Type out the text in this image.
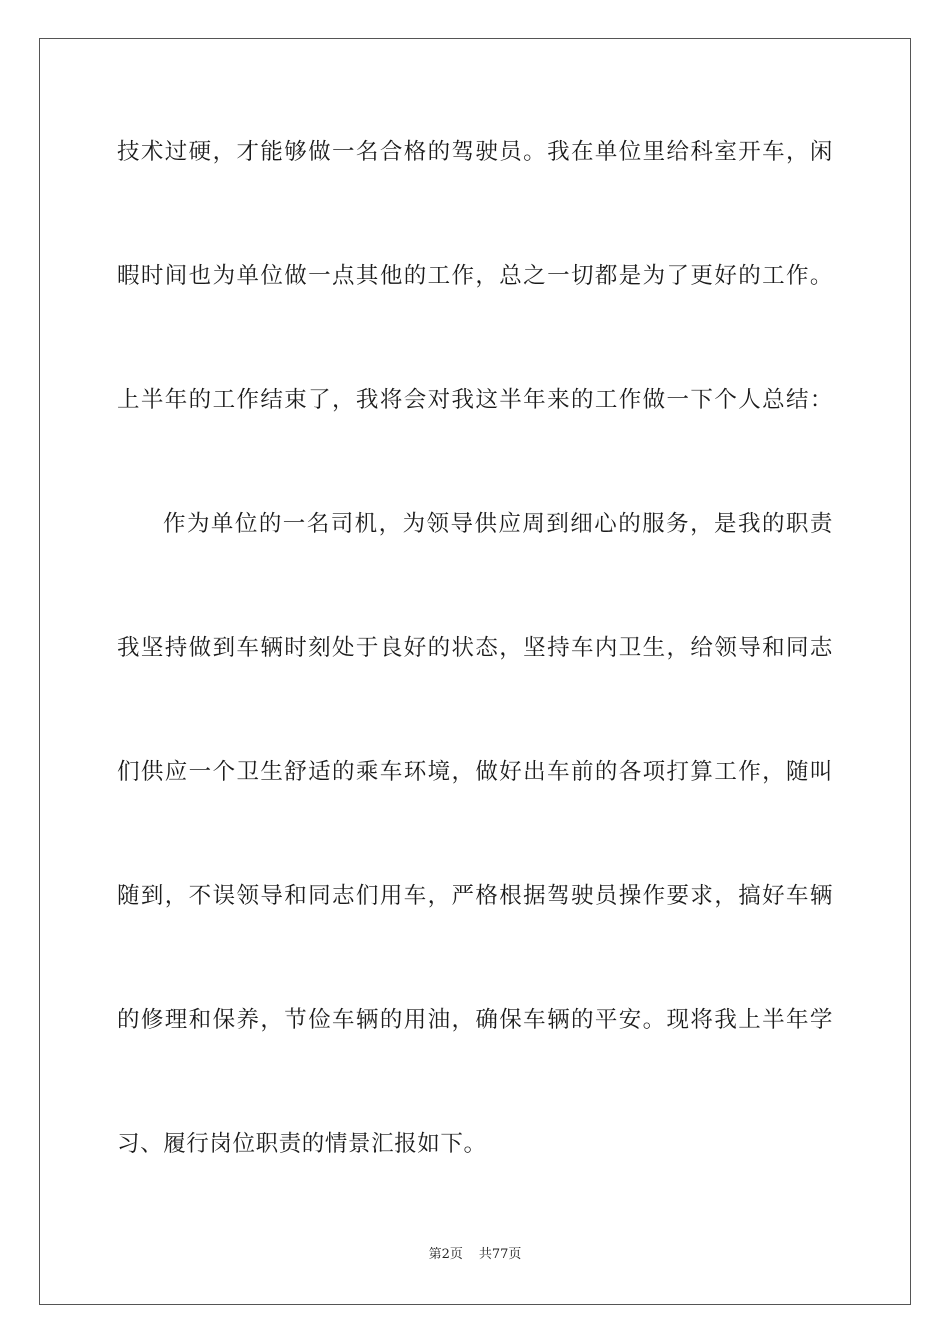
技术过硬，才能够做一名合格的驾驶员。我在单位里给科室开车，闲
暇时间也为单位做一点其他的工作，总之一切都是为了更好的工作。
上半年的工作结束了，我将会对我这半年来的工作做一下个人总结：
作为单位的一名司机，为领导供应周到细心的服务，是我的职责
我坚持做到车辆时刻处于良好的状态，坚持车内卫生，给领导和同志
们供应一个卫生舒适的乘车环境，做好出车前的各项打算工作，随叫
随到，不误领导和同志们用车，严格根据驾驶员操作要求，搞好车辆
的修理和保养，节俭车辆的用油，确保车辆的平安。现将我上半年学
习、履行岗位职责的情景汇报如下。
第2页 共77页
